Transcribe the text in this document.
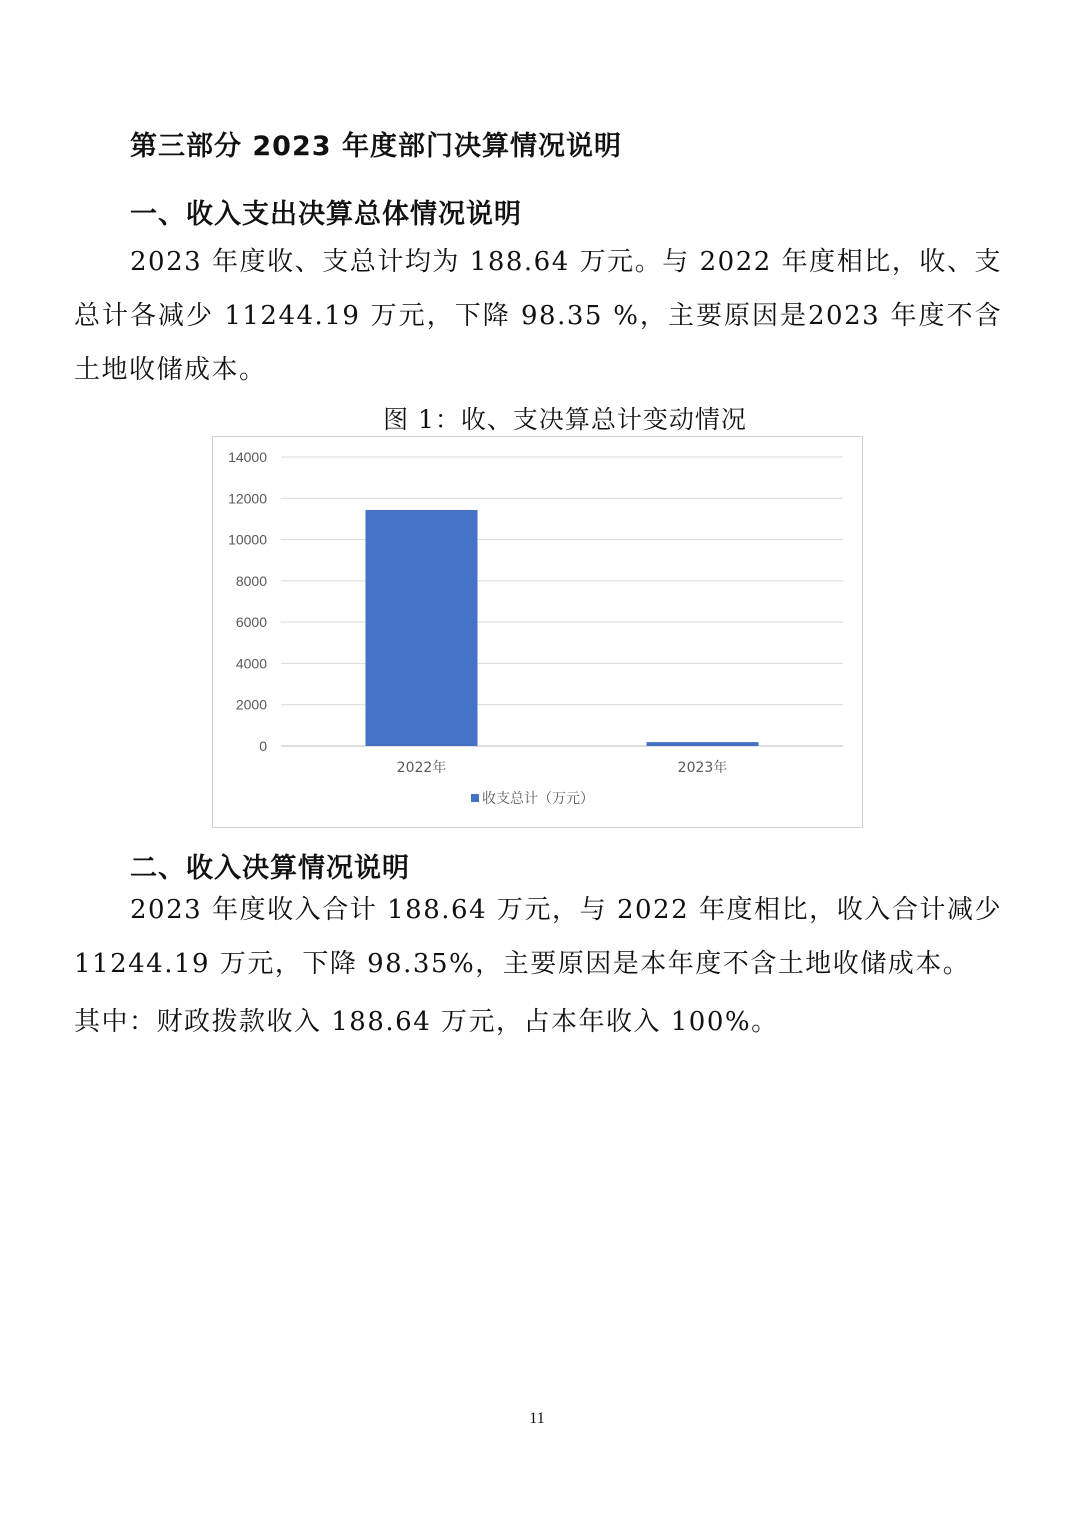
第三部分 2023 年度部门决算情况说明
一、收入支出决算总体情况说明

2023 年度收、支总计均为 188.64 万元。与 2022 年度相比，收、支总计各减少 11244.19 万元，下降 98.35 %，主要原因是2023 年度不含土地收储成本。

图 1：收、支决算总计变动情况

0
2000
4000
6000
8000
10000
12000
14000
2022年	2023年
收支总计（万元）
二、收入决算情况说明

2023 年度收入合计 188.64 万元，与 2022 年度相比，收入合计减少 11244.19 万元，下降 98.35%，主要原因是本年度不含土地收储成本。

其中：财政拨款收入 188.64 万元，占本年收入 100%。

11
